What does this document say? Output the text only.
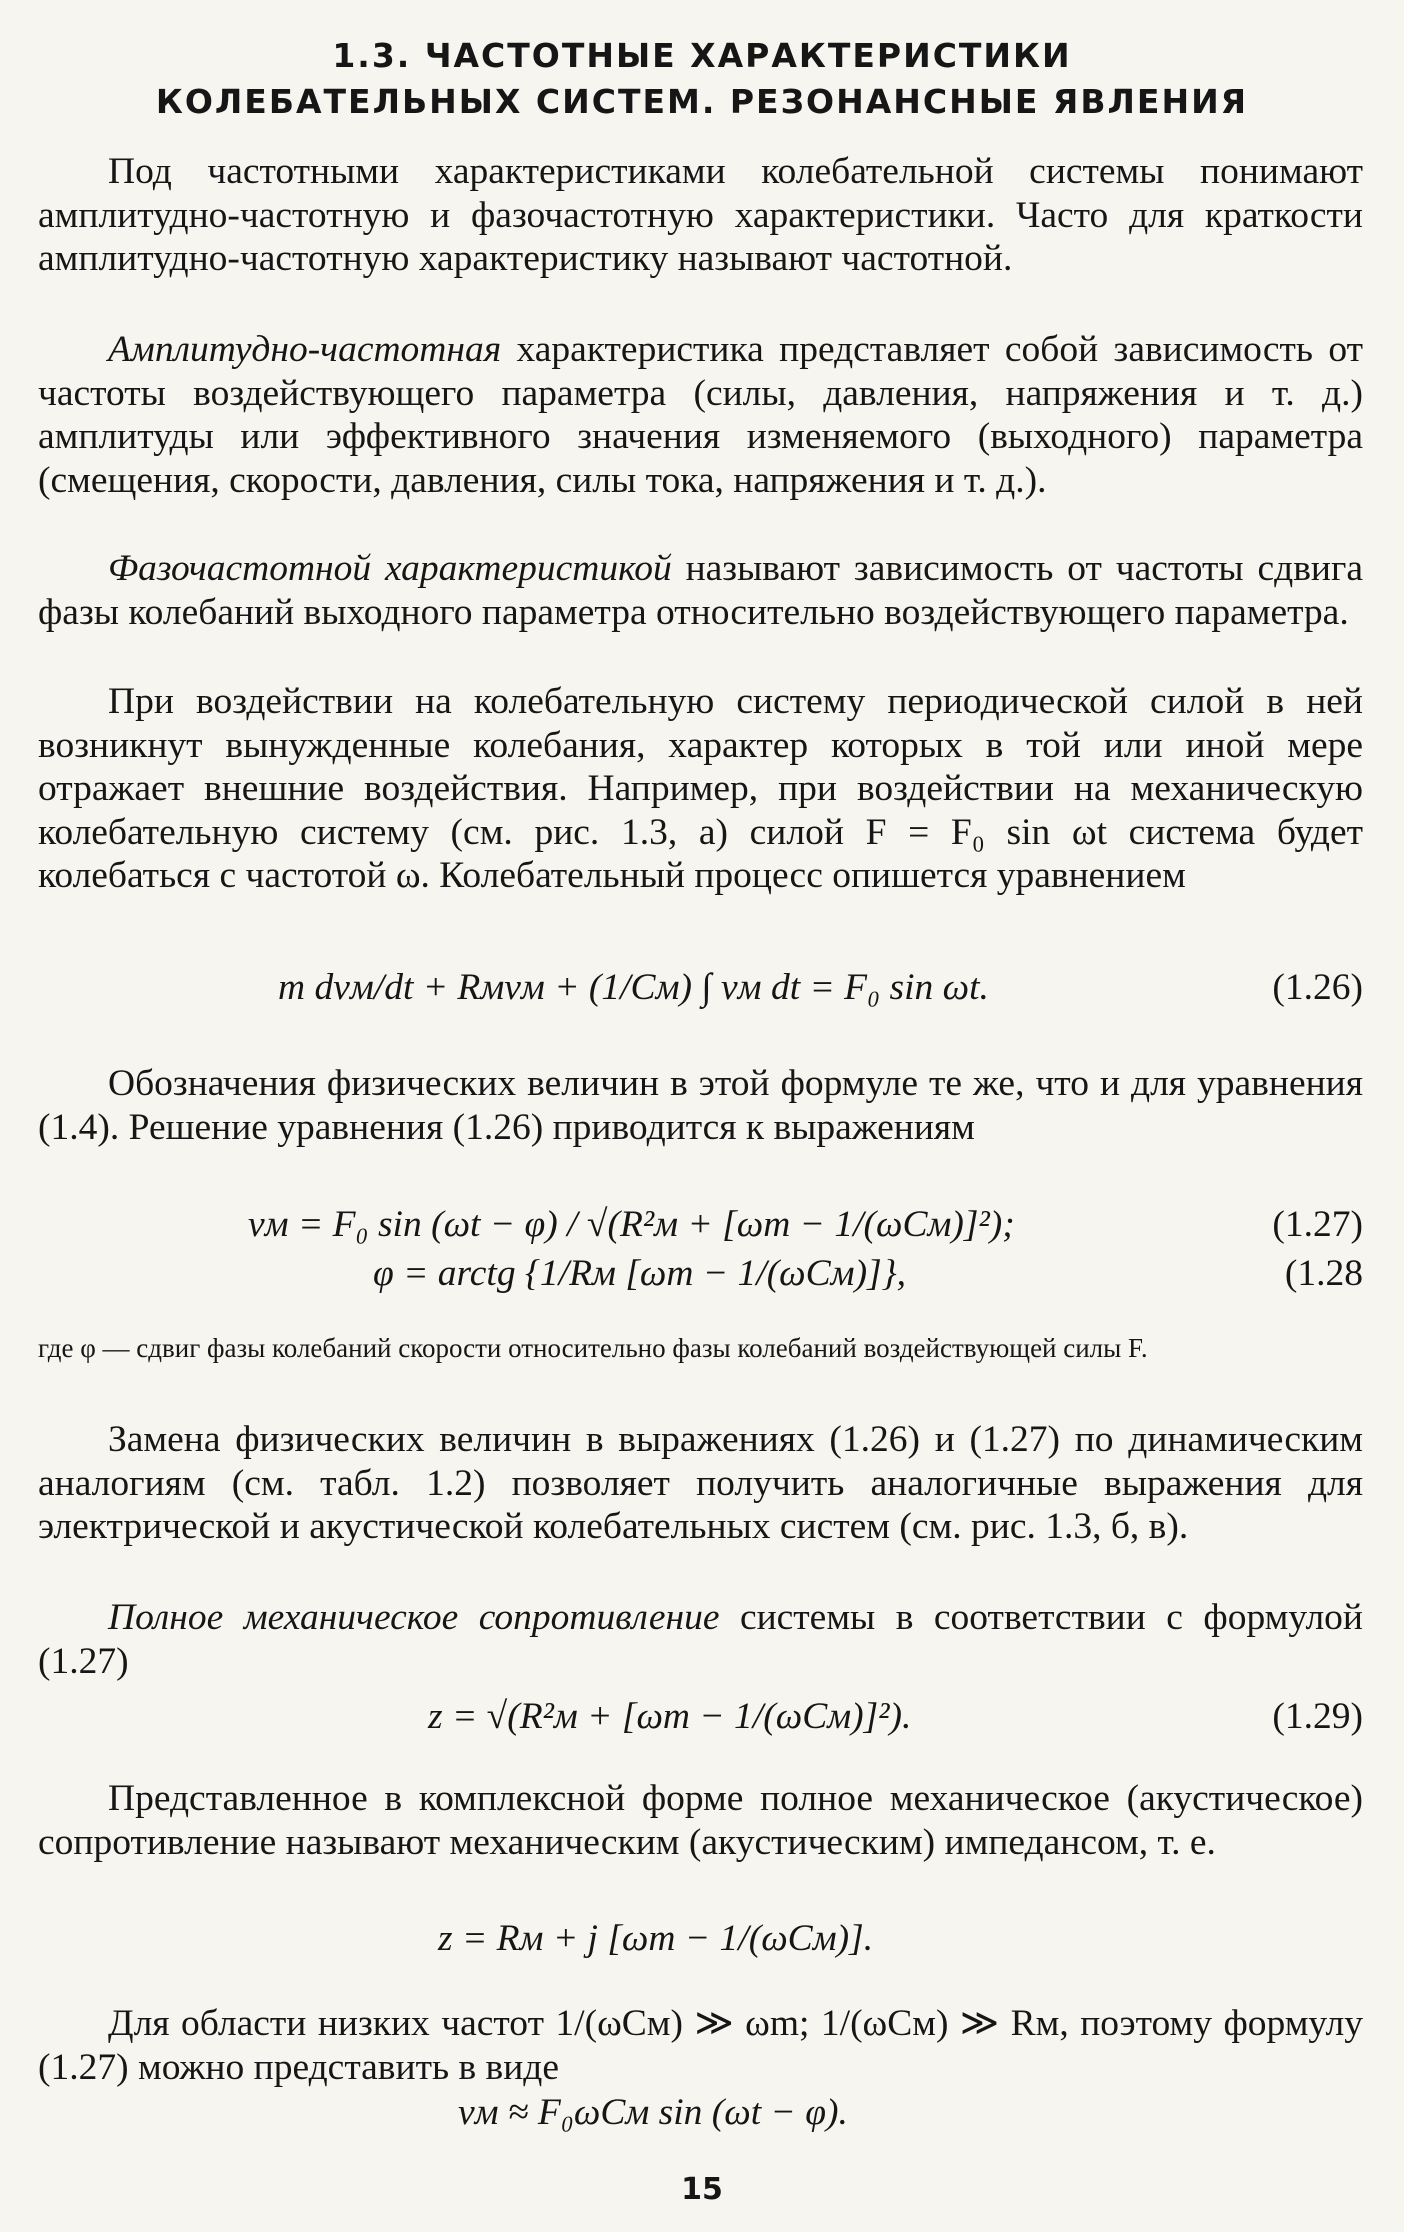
1.3. ЧАСТОТНЫЕ ХАРАКТЕРИСТИКИ
КОЛЕБАТЕЛЬНЫХ СИСТЕМ. РЕЗОНАНСНЫЕ ЯВЛЕНИЯ

Под частотными характеристиками колебательной системы понимают амплитудно-частотную и фазочастотную характеристики. Часто для краткости амплитудно-частотную характеристику называют частотной.

Амплитудно-частотная характеристика представляет собой зависимость от частоты воздействующего параметра (силы, давления, напряжения и т. д.) амплитуды или эффективного значения изменяемого (выходного) параметра (смещения, скорости, давления, силы тока, напряжения и т. д.).

Фазочастотной характеристикой называют зависимость от частоты сдвига фазы колебаний выходного параметра относительно воздействующего параметра.

При воздействии на колебательную систему периодической силой в ней возникнут вынужденные колебания, характер которых в той или иной мере отражает внешние воздействия. Например, при воздействии на механическую колебательную систему (см. рис. 1.3, а) силой F = F₀ sin ωt система будет колебаться с частотой ω. Колебательный процесс опишется уравнением

m dvм/dt + Rмvм + (1/Cм) ∫ vм dt = F₀ sin ωt.	(1.26)

Обозначения физических величин в этой формуле те же, что и для уравнения (1.4). Решение уравнения (1.26) приводится к выражениям

vм = F₀ sin (ωt − φ) / √(R²м + [ωm − 1/(ωCм)]²);	(1.27)
φ = arctg {1/Rм [ωm − 1/(ωCм)]},	(1.28

где φ — сдвиг фазы колебаний скорости относительно фазы колебаний воздействующей силы F.

Замена физических величин в выражениях (1.26) и (1.27) по динамическим аналогиям (см. табл. 1.2) позволяет получить аналогичные выражения для электрической и акустической колебательных систем (см. рис. 1.3, б, в).

Полное механическое сопротивление системы в соответствии с формулой (1.27)

z = √(R²м + [ωm − 1/(ωCм)]²).	(1.29)

Представленное в комплексной форме полное механическое (акустическое) сопротивление называют механическим (акустическим) импедансом, т. е.

z = Rм + j [ωm − 1/(ωCм)].

Для области низких частот 1/(ωCм) ≫ ωm; 1/(ωCм) ≫ Rм, поэтому формулу (1.27) можно представить в виде

vм ≈ F₀ωCм sin (ωt − φ).
15
